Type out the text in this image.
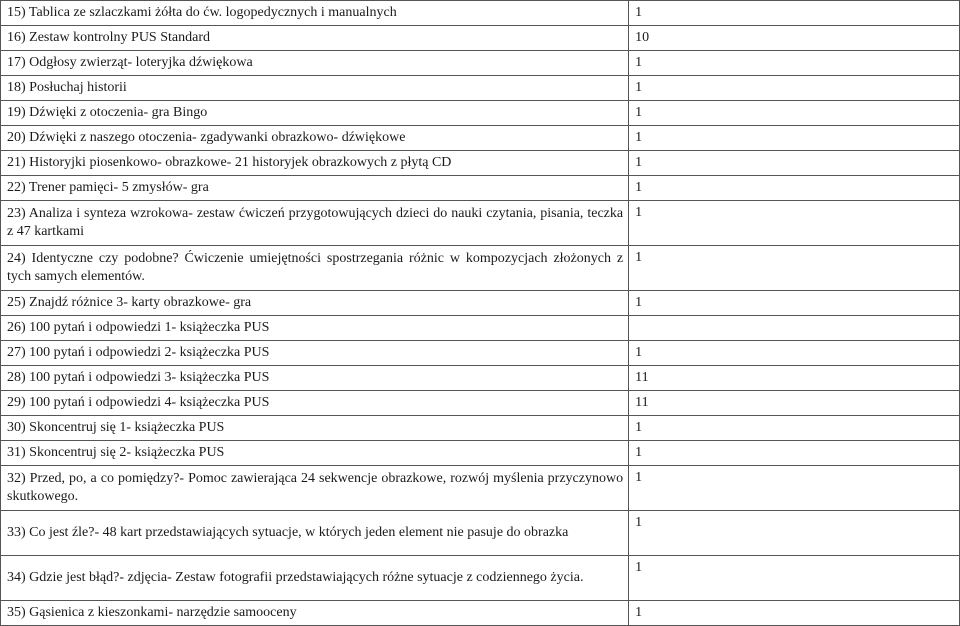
15) Tablica ze szlaczkami żółta do ćw. logopedycznych i manualnych	1
16) Zestaw kontrolny PUS Standard	10
17) Odgłosy zwierząt- loteryjka dźwiękowa	1
18) Posłuchaj historii	1
19) Dźwięki z otoczenia- gra Bingo	1
20) Dźwięki z naszego otoczenia- zgadywanki obrazkowo- dźwiękowe	1
21) Historyjki piosenkowo- obrazkowe- 21 historyjek obrazkowych z płytą CD	1
22) Trener pamięci- 5 zmysłów- gra	1
23) Analiza i synteza wzrokowa- zestaw ćwiczeń przygotowujących dzieci do nauki czytania, pisania, teczka z 47 kartkami	1
24) Identyczne czy podobne? Ćwiczenie umiejętności spostrzegania różnic w kompozycjach złożonych z tych samych elementów.	1
25) Znajdź różnice 3- karty obrazkowe- gra	1
26) 100 pytań i odpowiedzi 1- książeczka PUS	
27) 100 pytań i odpowiedzi 2- książeczka PUS	1
28) 100 pytań i odpowiedzi 3- książeczka PUS	11
29) 100 pytań i odpowiedzi 4- książeczka PUS	11
30) Skoncentruj się 1- książeczka PUS	1
31) Skoncentruj się 2- książeczka PUS	1
32) Przed, po, a co pomiędzy?- Pomoc zawierająca 24 sekwencje obrazkowe, rozwój myślenia przyczynowo skutkowego.	1
33) Co jest źle?- 48 kart przedstawiających sytuacje, w których jeden element nie pasuje do obrazka	1
34) Gdzie jest błąd?- zdjęcia- Zestaw fotografii przedstawiających różne sytuacje z codziennego życia.	1
35) Gąsienica z kieszonkami- narzędzie samooceny	1
